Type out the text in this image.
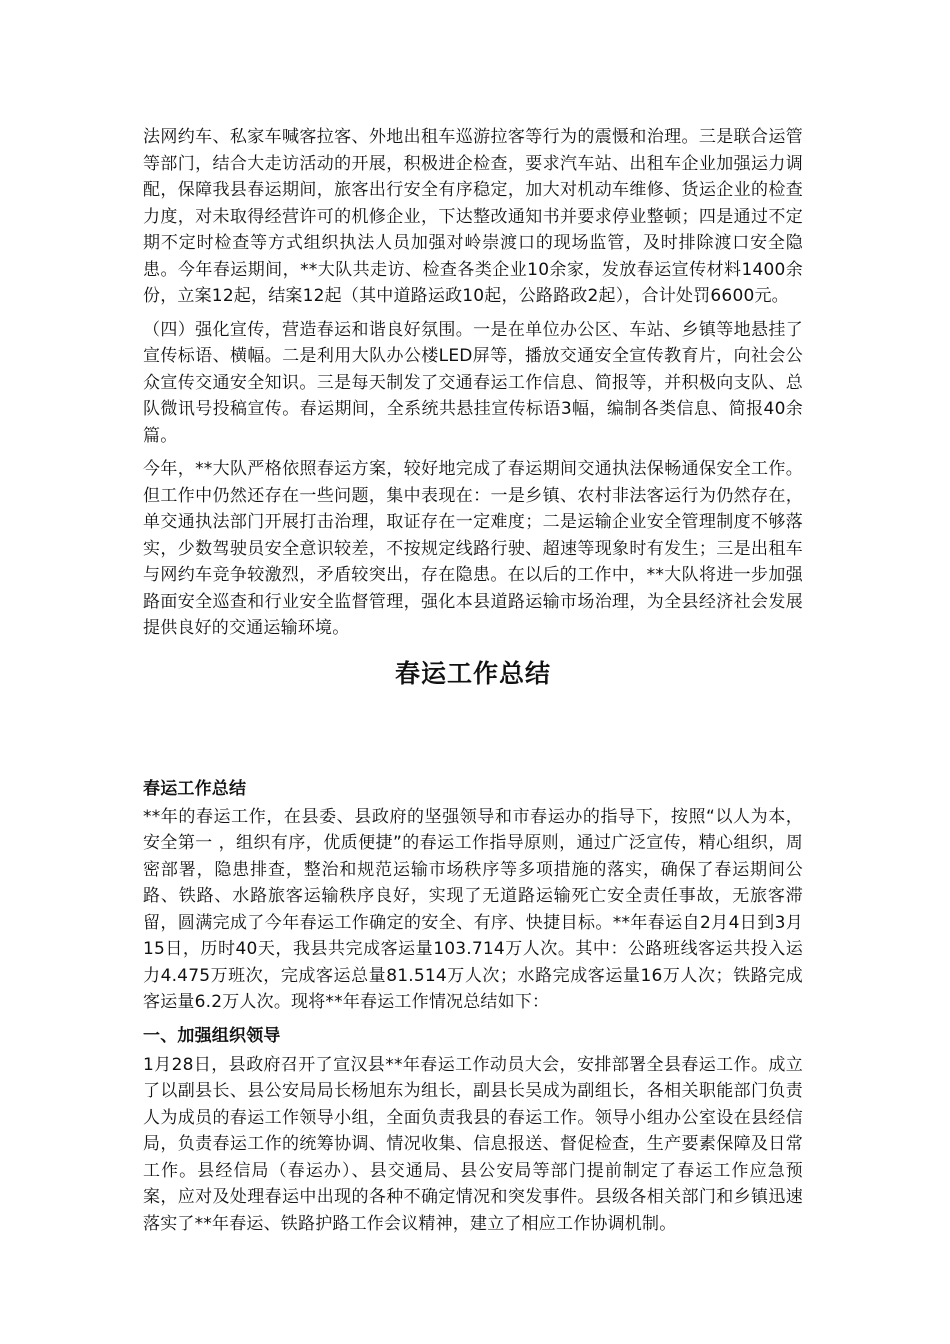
法网约车、私家车喊客拉客、外地出租车巡游拉客等行为的震慑和治理。三是联合运管等部门，结合大走访活动的开展，积极进企检查，要求汽车站、出租车企业加强运力调配，保障我县春运期间，旅客出行安全有序稳定，加大对机动车维修、货运企业的检查力度，对未取得经营许可的机修企业，下达整改通知书并要求停业整顿；四是通过不定期不定时检查等方式组织执法人员加强对岭崇渡口的现场监管，及时排除渡口安全隐患。今年春运期间，**大队共走访、检查各类企业10余家，发放春运宣传材料1400余份，立案12起，结案12起（其中道路运政10起，公路路政2起），合计处罚6600元。

（四）强化宣传，营造春运和谐良好氛围。一是在单位办公区、车站、乡镇等地悬挂了宣传标语、横幅。二是利用大队办公楼LED屏等，播放交通安全宣传教育片，向社会公众宣传交通安全知识。三是每天制发了交通春运工作信息、简报等，并积极向支队、总队微讯号投稿宣传。春运期间，全系统共悬挂宣传标语3幅，编制各类信息、简报40余篇。

今年，**大队严格依照春运方案，较好地完成了春运期间交通执法保畅通保安全工作。但工作中仍然还存在一些问题，集中表现在：一是乡镇、农村非法客运行为仍然存在，单交通执法部门开展打击治理，取证存在一定难度；二是运输企业安全管理制度不够落实，少数驾驶员安全意识较差，不按规定线路行驶、超速等现象时有发生；三是出租车与网约车竞争较激烈，矛盾较突出，存在隐患。在以后的工作中，**大队将进一步加强路面安全巡查和行业安全监督管理，强化本县道路运输市场治理，为全县经济社会发展提供良好的交通运输环境。

春运工作总结
春运工作总结

**年的春运工作，在县委、县政府的坚强领导和市春运办的指导下，按照“以人为本，安全第一 ，组织有序，优质便捷”的春运工作指导原则，通过广泛宣传，精心组织，周密部署，隐患排查，整治和规范运输市场秩序等多项措施的落实，确保了春运期间公路、铁路、水路旅客运输秩序良好，实现了无道路运输死亡安全责任事故，无旅客滞留，圆满完成了今年春运工作确定的安全、有序、快捷目标。**年春运自2月4日到3月15日，历时40天，我县共完成客运量103.714万人次。其中：公路班线客运共投入运力4.475万班次，完成客运总量81.514万人次；水路完成客运量16万人次；铁路完成客运量6.2万人次。现将**年春运工作情况总结如下：

一、加强组织领导

1月28日，县政府召开了宣汉县**年春运工作动员大会，安排部署全县春运工作。成立了以副县长、县公安局局长杨旭东为组长，副县长吴成为副组长，各相关职能部门负责人为成员的春运工作领导小组，全面负责我县的春运工作。领导小组办公室设在县经信局，负责春运工作的统筹协调、情况收集、信息报送、督促检查，生产要素保障及日常工作。县经信局（春运办）、县交通局、县公安局等部门提前制定了春运工作应急预案，应对及处理春运中出现的各种不确定情况和突发事件。县级各相关部门和乡镇迅速落实了**年春运、铁路护路工作会议精神，建立了相应工作协调机制。
